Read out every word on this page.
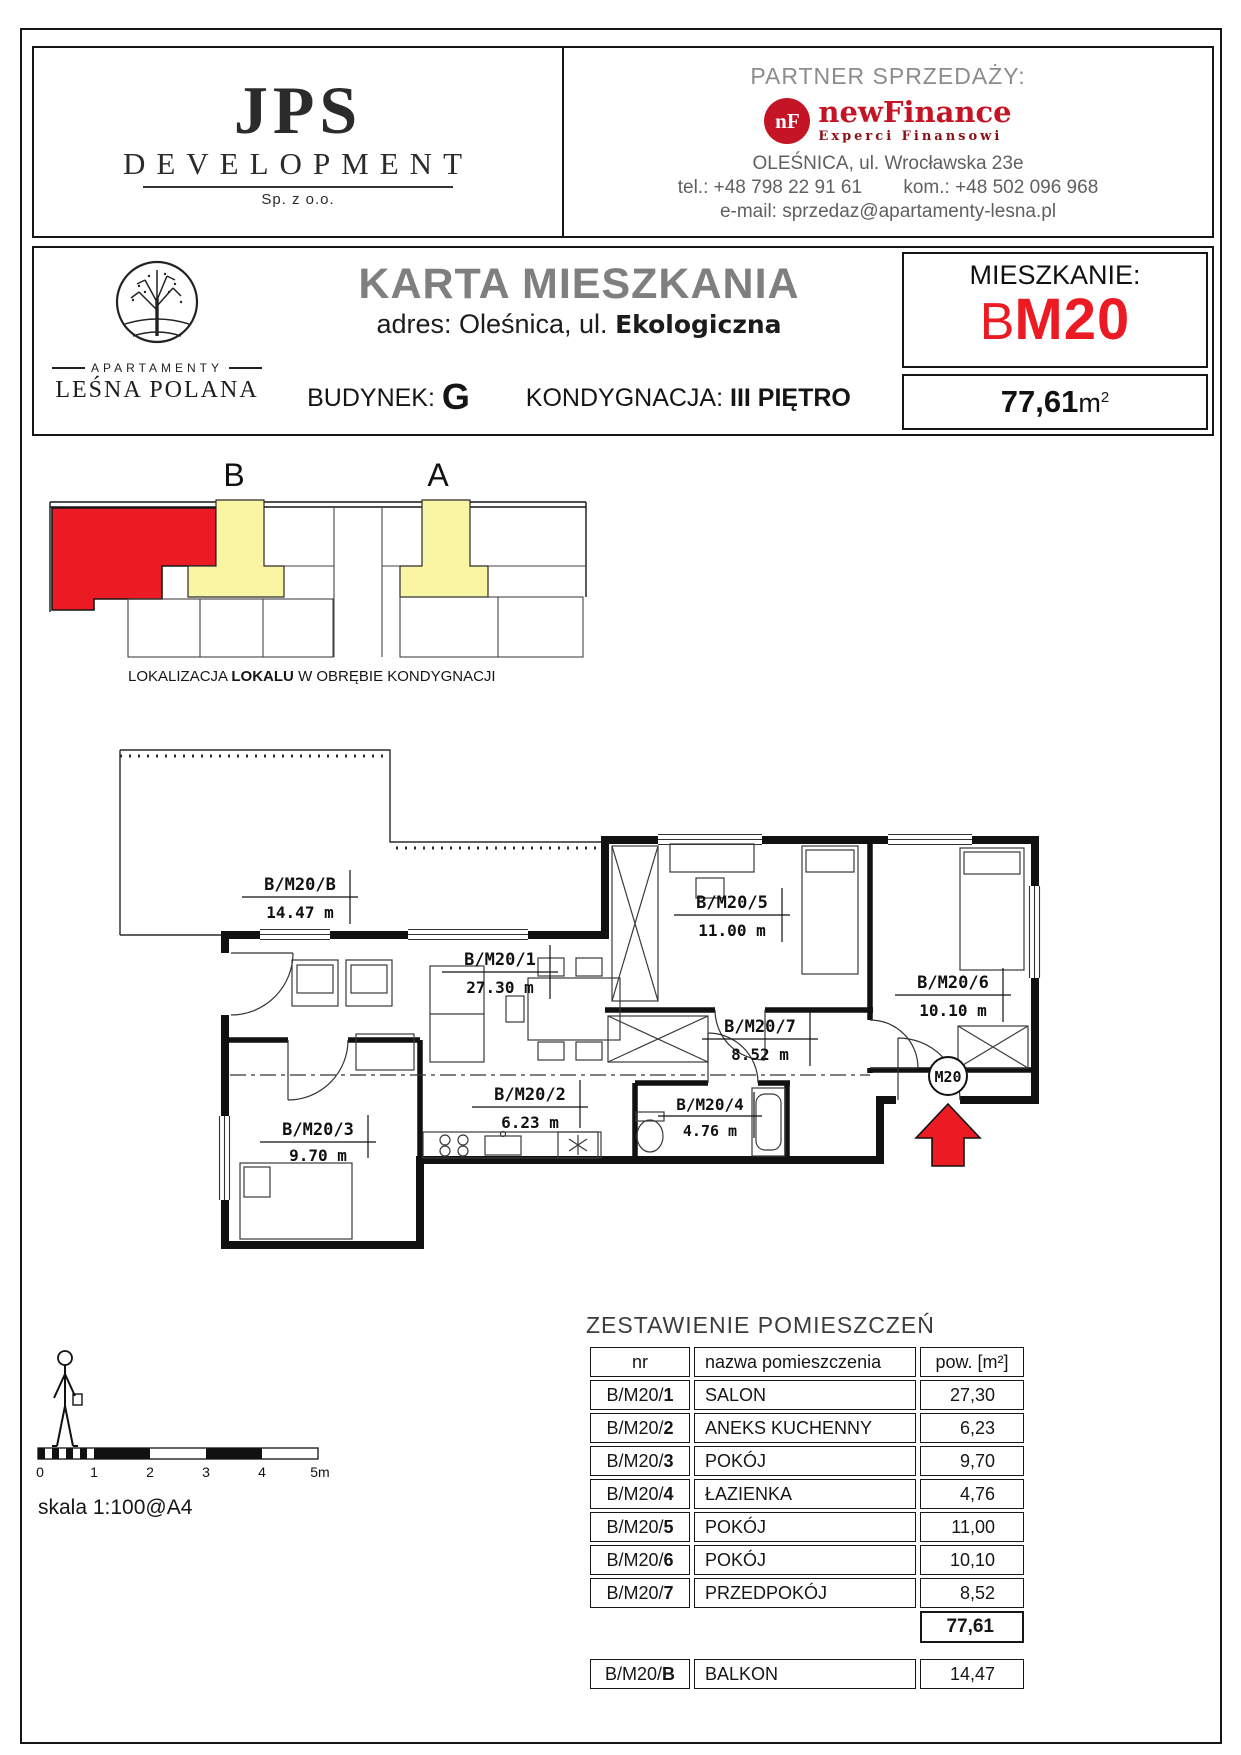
JPS
DEVELOPMENT
Sp. z o.o.
PARTNER SPRZEDAŻY:
nF newFinance
Experci Finansowi
OLEŚNICA, ul. Wrocławska 23e
tel.: +48 798 22 91 61 kom.: +48 502 096 968
e-mail: sprzedaz@apartamenty-lesna.pl
APARTAMENTY
LEŚNA POLANA
KARTA MIESZKANIA
adres: Oleśnica, ul. Ekologiczna
BUDYNEK: G KONDYGNACJA: III PIĘTRO
MIESZKANIE:
BM20
77,61m2
B	A
LOKALIZACJA LOKALU W OBRĘBIE KONDYGNACJI
B/M20/B
14.47 m
B/M20/1
27.30 m
B/M20/5
11.00 m
B/M20/6
10.10 m
B/M20/7
8.52 m
B/M20/2
6.23 m
B/M20/4
4.76 m
B/M20/3
9.70 m
M20
0	1	2	3	4	5m
skala 1:100@A4
ZESTAWIENIE POMIESZCZEŃ
nr	nazwa pomieszczenia	pow. [m²]
B/M20/1	SALON	27,30
B/M20/2	ANEKS KUCHENNY	6,23
B/M20/3	POKÓJ	9,70
B/M20/4	ŁAZIENKA	4,76
B/M20/5	POKÓJ	11,00
B/M20/6	POKÓJ	10,10
B/M20/7	PRZEDPOKÓJ	8,52
		77,61

B/M20/B	BALKON	14,47
